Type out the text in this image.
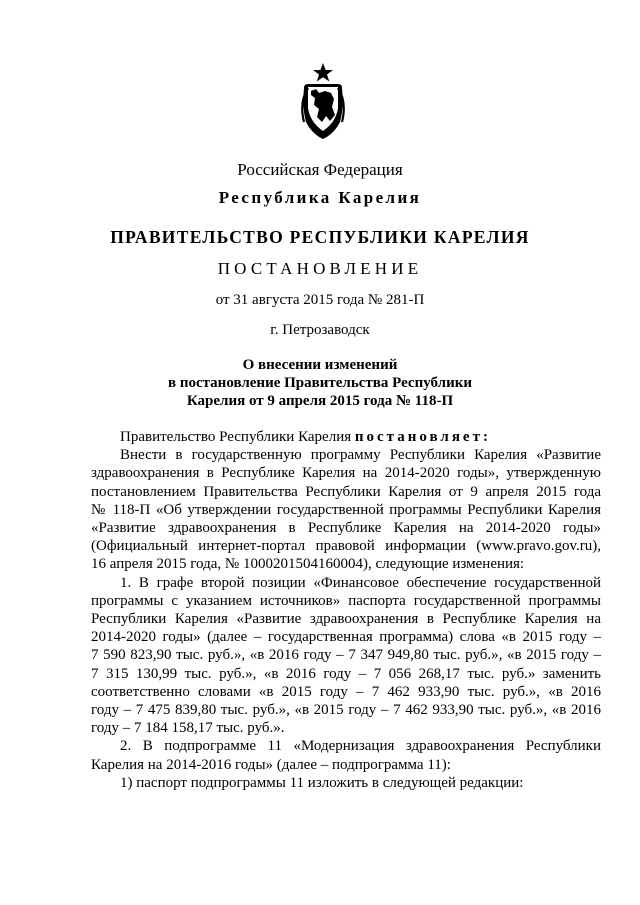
Российская Федерация
Республика Карелия
ПРАВИТЕЛЬСТВО РЕСПУБЛИКИ КАРЕЛИЯ
ПОСТАНОВЛЕНИЕ
от 31 августа 2015 года № 281-П
г. Петрозаводск
О внесении изменений
в постановление Правительства Республики
Карелия от 9 апреля 2015 года № 118-П

Правительство Республики Карелия постановляет:

Внести в государственную программу Республики Карелия «Развитие

здравоохранения в Республике Карелия на 2014-2020 годы», утвержденную

постановлением Правительства Республики Карелия от 9 апреля 2015 года

№ 118-П «Об утверждении государственной программы Республики Карелия

«Развитие здравоохранения в Республике Карелия на 2014-2020 годы»

(Официальный интернет-портал правовой информации (www.pravo.gov.ru),

16 апреля 2015 года, № 1000201504160004), следующие изменения:

1. В графе второй позиции «Финансовое обеспечение государственной

программы с указанием источников» паспорта государственной программы

Республики Карелия «Развитие здравоохранения в Республике Карелия на

2014-2020 годы» (далее – государственная программа) слова «в 2015 году –

7 590 823,90 тыс. руб.», «в 2016 году – 7 347 949,80 тыс. руб.», «в 2015 году –

7 315 130,99 тыс. руб.», «в 2016 году – 7 056 268,17 тыс. руб.» заменить

соответственно словами «в 2015 году – 7 462 933,90 тыс. руб.», «в 2016

году – 7 475 839,80 тыс. руб.», «в 2015 году – 7 462 933,90 тыс. руб.», «в 2016

году – 7 184 158,17 тыс. руб.».

2. В подпрограмме 11 «Модернизация здравоохранения Республики

Карелия на 2014-2016 годы» (далее – подпрограмма 11):

1) паспорт подпрограммы 11 изложить в следующей редакции:
